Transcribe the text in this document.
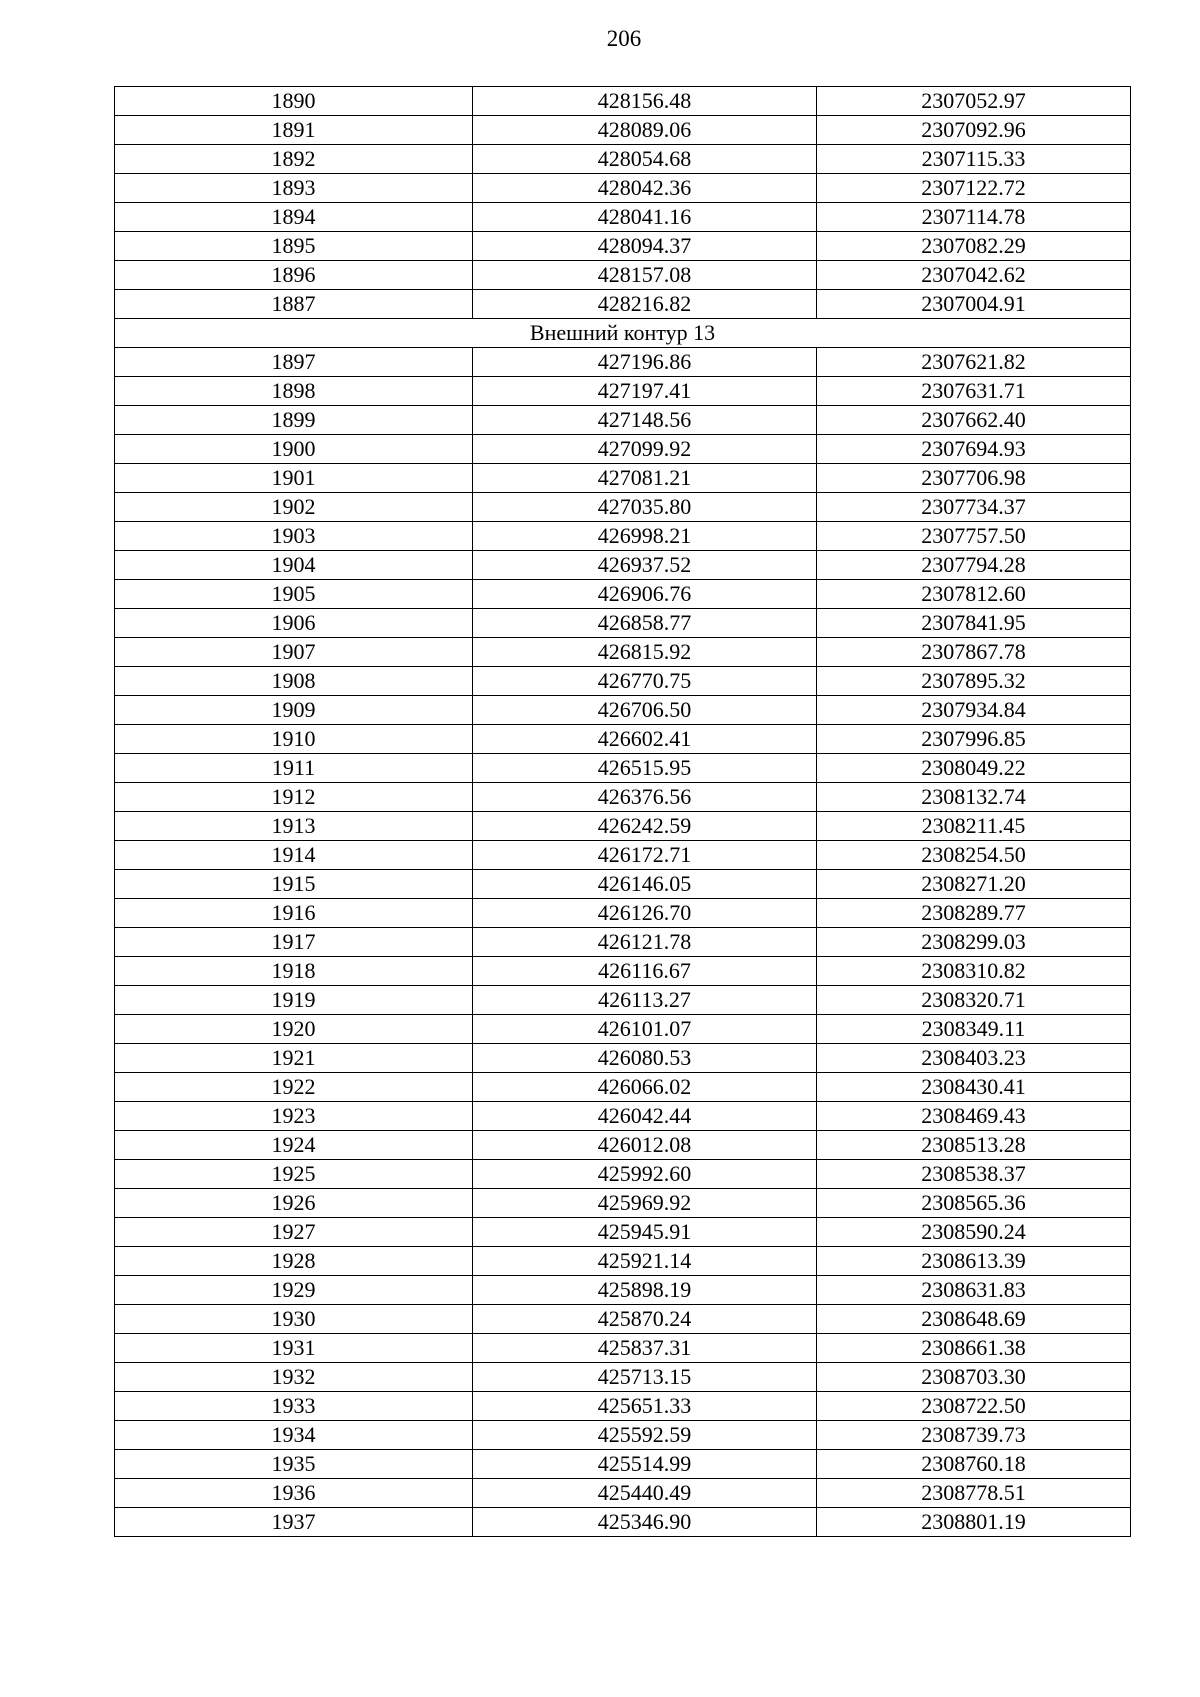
206
1890	428156.48	2307052.97
1891	428089.06	2307092.96
1892	428054.68	2307115.33
1893	428042.36	2307122.72
1894	428041.16	2307114.78
1895	428094.37	2307082.29
1896	428157.08	2307042.62
1887	428216.82	2307004.91
Внешний контур 13		
1897	427196.86	2307621.82
1898	427197.41	2307631.71
1899	427148.56	2307662.40
1900	427099.92	2307694.93
1901	427081.21	2307706.98
1902	427035.80	2307734.37
1903	426998.21	2307757.50
1904	426937.52	2307794.28
1905	426906.76	2307812.60
1906	426858.77	2307841.95
1907	426815.92	2307867.78
1908	426770.75	2307895.32
1909	426706.50	2307934.84
1910	426602.41	2307996.85
1911	426515.95	2308049.22
1912	426376.56	2308132.74
1913	426242.59	2308211.45
1914	426172.71	2308254.50
1915	426146.05	2308271.20
1916	426126.70	2308289.77
1917	426121.78	2308299.03
1918	426116.67	2308310.82
1919	426113.27	2308320.71
1920	426101.07	2308349.11
1921	426080.53	2308403.23
1922	426066.02	2308430.41
1923	426042.44	2308469.43
1924	426012.08	2308513.28
1925	425992.60	2308538.37
1926	425969.92	2308565.36
1927	425945.91	2308590.24
1928	425921.14	2308613.39
1929	425898.19	2308631.83
1930	425870.24	2308648.69
1931	425837.31	2308661.38
1932	425713.15	2308703.30
1933	425651.33	2308722.50
1934	425592.59	2308739.73
1935	425514.99	2308760.18
1936	425440.49	2308778.51
1937	425346.90	2308801.19
